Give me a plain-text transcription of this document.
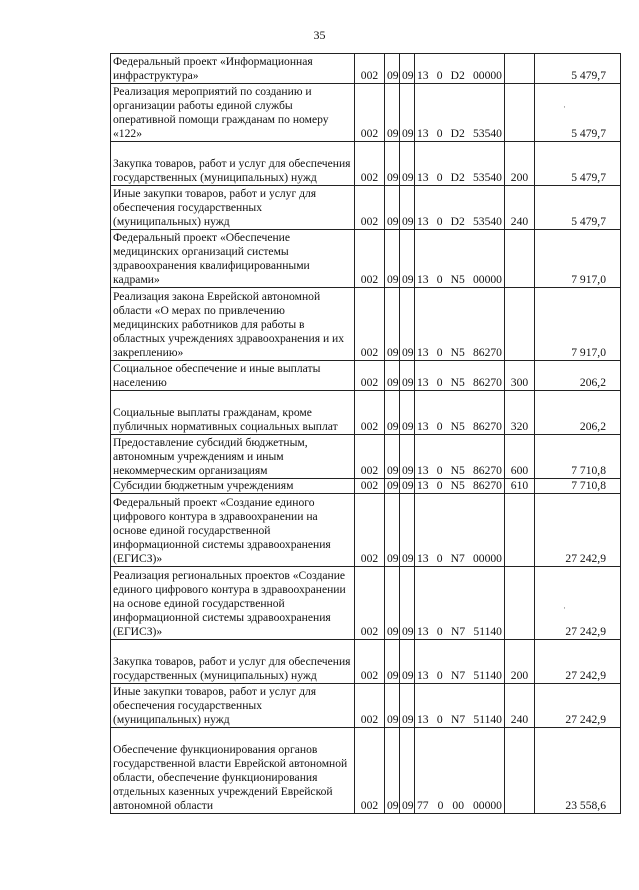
35
Федеральный проект «Информационная инфраструктура»	002	09	09	13 0 D2 00000		5 479,7
Реализация мероприятий по созданию и организации работы единой службы оперативной помощи гражданам по номеру «122»	002	09	09	13 0 D2 53540		5 479,7
Закупка товаров, работ и услуг для обеспечения государственных (муниципальных) нужд	002	09	09	13 0 D2 53540	200	5 479,7
Иные закупки товаров, работ и услуг для обеспечения государственных (муниципальных) нужд	002	09	09	13 0 D2 53540	240	5 479,7
Федеральный проект «Обеспечение медицинских организаций системы здравоохранения квалифицированными кадрами»	002	09	09	13 0 N5 00000		7 917,0
Реализация закона Еврейской автономной области «О мерах по привлечению медицинских работников для работы в областных учреждениях здравоохранения и их закреплению»	002	09	09	13 0 N5 86270		7 917,0
Социальное обеспечение и иные выплаты населению	002	09	09	13 0 N5 86270	300	206,2
Социальные выплаты гражданам, кроме публичных нормативных социальных выплат	002	09	09	13 0 N5 86270	320	206,2
Предоставление субсидий бюджетным, автономным учреждениям и иным некоммерческим организациям	002	09	09	13 0 N5 86270	600	7 710,8
Субсидии бюджетным учреждениям	002	09	09	13 0 N5 86270	610	7 710,8
Федеральный проект «Создание единого цифрового контура в здравоохранении на основе единой государственной информационной системы здравоохранения (ЕГИСЗ)»	002	09	09	13 0 N7 00000		27 242,9
Реализация региональных проектов «Создание единого цифрового контура в здравоохранении на основе единой государственной информационной системы здравоохранения (ЕГИСЗ)»	002	09	09	13 0 N7 51140		27 242,9
Закупка товаров, работ и услуг для обеспечения государственных (муниципальных) нужд	002	09	09	13 0 N7 51140	200	27 242,9
Иные закупки товаров, работ и услуг для обеспечения государственных (муниципальных) нужд	002	09	09	13 0 N7 51140	240	27 242,9
Обеспечение функционирования органов государственной власти Еврейской автономной области, обеспечение функционирования отдельных казенных учреждений Еврейской автономной области	002	09	09	77 0 00 00000		23 558,6
·
·
